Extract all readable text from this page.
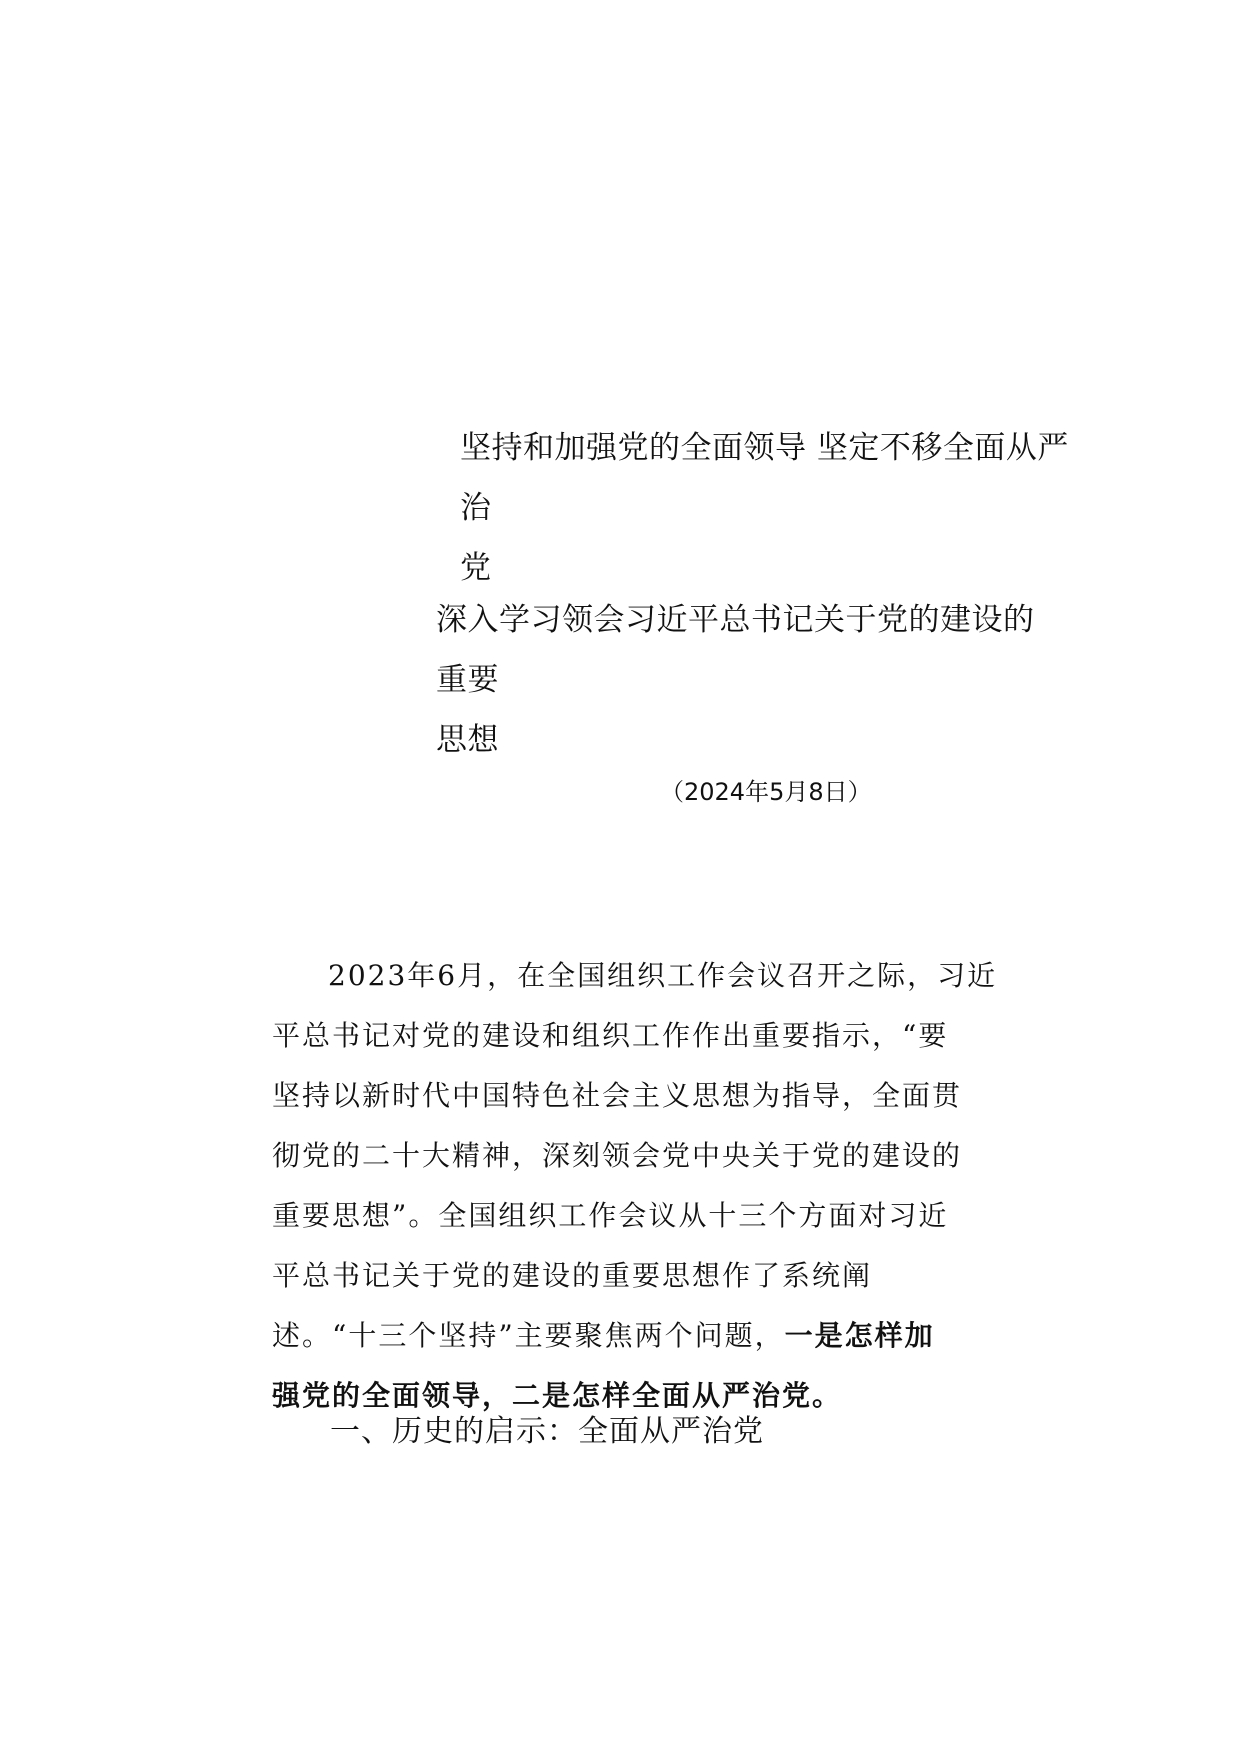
坚持和加强党的全面领导 坚定不移全面从严治
党
深入学习领会习近平总书记关于党的建设的重要
思想

（2024年5月8日）

2023年6月，在全国组织工作会议召开之际，习近
平总书记对党的建设和组织工作作出重要指示，“要
坚持以新时代中国特色社会主义思想为指导，全面贯
彻党的二十大精神，深刻领会党中央关于党的建设的
重要思想”。全国组织工作会议从十三个方面对习近
平总书记关于党的建设的重要思想作了系统阐
述。“十三个坚持”主要聚焦两个问题，一是怎样加
强党的全面领导，二是怎样全面从严治党。
一、历史的启示：全面从严治党
